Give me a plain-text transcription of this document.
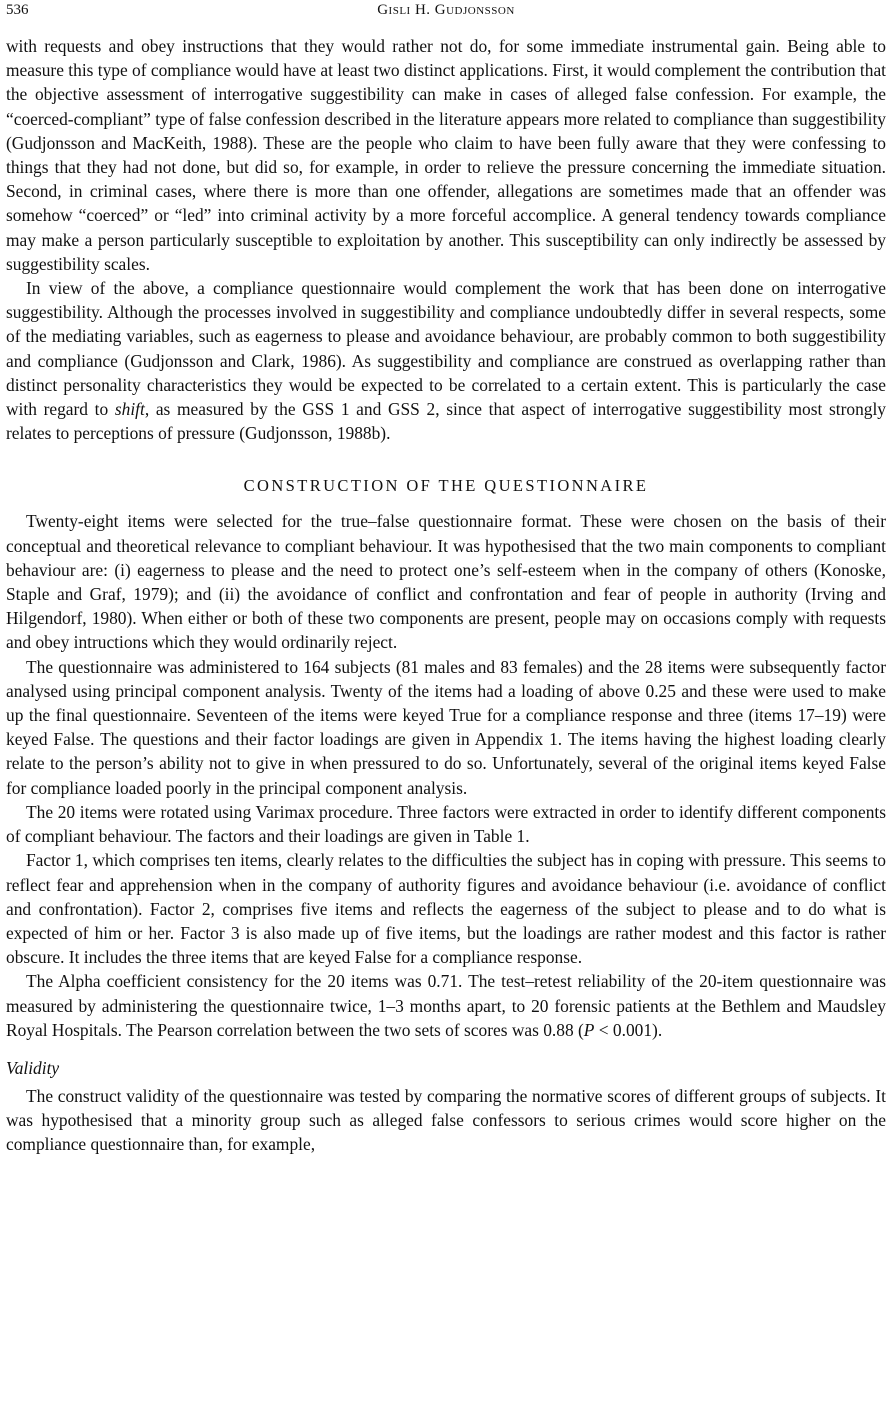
536	Gisli H. Gudjonsson

with requests and obey instructions that they would rather not do, for some immediate instrumental gain. Being able to measure this type of compliance would have at least two distinct applications. First, it would complement the contribution that the objective assessment of interrogative suggestibility can make in cases of alleged false confession. For example, the “coerced-compliant” type of false confession described in the literature appears more related to compliance than suggestibility (Gudjonsson and MacKeith, 1988). These are the people who claim to have been fully aware that they were confessing to things that they had not done, but did so, for example, in order to relieve the pressure concerning the immediate situation. Second, in criminal cases, where there is more than one offender, allegations are sometimes made that an offender was somehow “coerced” or “led” into criminal activity by a more forceful accomplice. A general tendency towards compliance may make a person particularly susceptible to exploitation by another. This susceptibility can only indirectly be assessed by suggestibility scales.

In view of the above, a compliance questionnaire would complement the work that has been done on interrogative suggestibility. Although the processes involved in suggestibility and compliance undoubtedly differ in several respects, some of the mediating variables, such as eagerness to please and avoidance behaviour, are probably common to both suggestibility and compliance (Gudjonsson and Clark, 1986). As suggestibility and compliance are construed as overlapping rather than distinct personality characteristics they would be expected to be correlated to a certain extent. This is particularly the case with regard to shift, as measured by the GSS 1 and GSS 2, since that aspect of interrogative suggestibility most strongly relates to perceptions of pressure (Gudjonsson, 1988b).

CONSTRUCTION OF THE QUESTIONNAIRE

Twenty-eight items were selected for the true–false questionnaire format. These were chosen on the basis of their conceptual and theoretical relevance to compliant behaviour. It was hypothesised that the two main components to compliant behaviour are: (i) eagerness to please and the need to protect one’s self-esteem when in the company of others (Konoske, Staple and Graf, 1979); and (ii) the avoidance of conflict and confrontation and fear of people in authority (Irving and Hilgendorf, 1980). When either or both of these two components are present, people may on occasions comply with requests and obey intructions which they would ordinarily reject.

The questionnaire was administered to 164 subjects (81 males and 83 females) and the 28 items were subsequently factor analysed using principal component analysis. Twenty of the items had a loading of above 0.25 and these were used to make up the final questionnaire. Seventeen of the items were keyed True for a compliance response and three (items 17–19) were keyed False. The questions and their factor loadings are given in Appendix 1. The items having the highest loading clearly relate to the person’s ability not to give in when pressured to do so. Unfortunately, several of the original items keyed False for compliance loaded poorly in the principal component analysis.

The 20 items were rotated using Varimax procedure. Three factors were extracted in order to identify different components of compliant behaviour. The factors and their loadings are given in Table 1.

Factor 1, which comprises ten items, clearly relates to the difficulties the subject has in coping with pressure. This seems to reflect fear and apprehension when in the company of authority figures and avoidance behaviour (i.e. avoidance of conflict and confrontation). Factor 2, comprises five items and reflects the eagerness of the subject to please and to do what is expected of him or her. Factor 3 is also made up of five items, but the loadings are rather modest and this factor is rather obscure. It includes the three items that are keyed False for a compliance response.

The Alpha coefficient consistency for the 20 items was 0.71. The test–retest reliability of the 20-item questionnaire was measured by administering the questionnaire twice, 1–3 months apart, to 20 forensic patients at the Bethlem and Maudsley Royal Hospitals. The Pearson correlation between the two sets of scores was 0.88 (P < 0.001).

Validity

The construct validity of the questionnaire was tested by comparing the normative scores of different groups of subjects. It was hypothesised that a minority group such as alleged false confessors to serious crimes would score higher on the compliance questionnaire than, for example,
